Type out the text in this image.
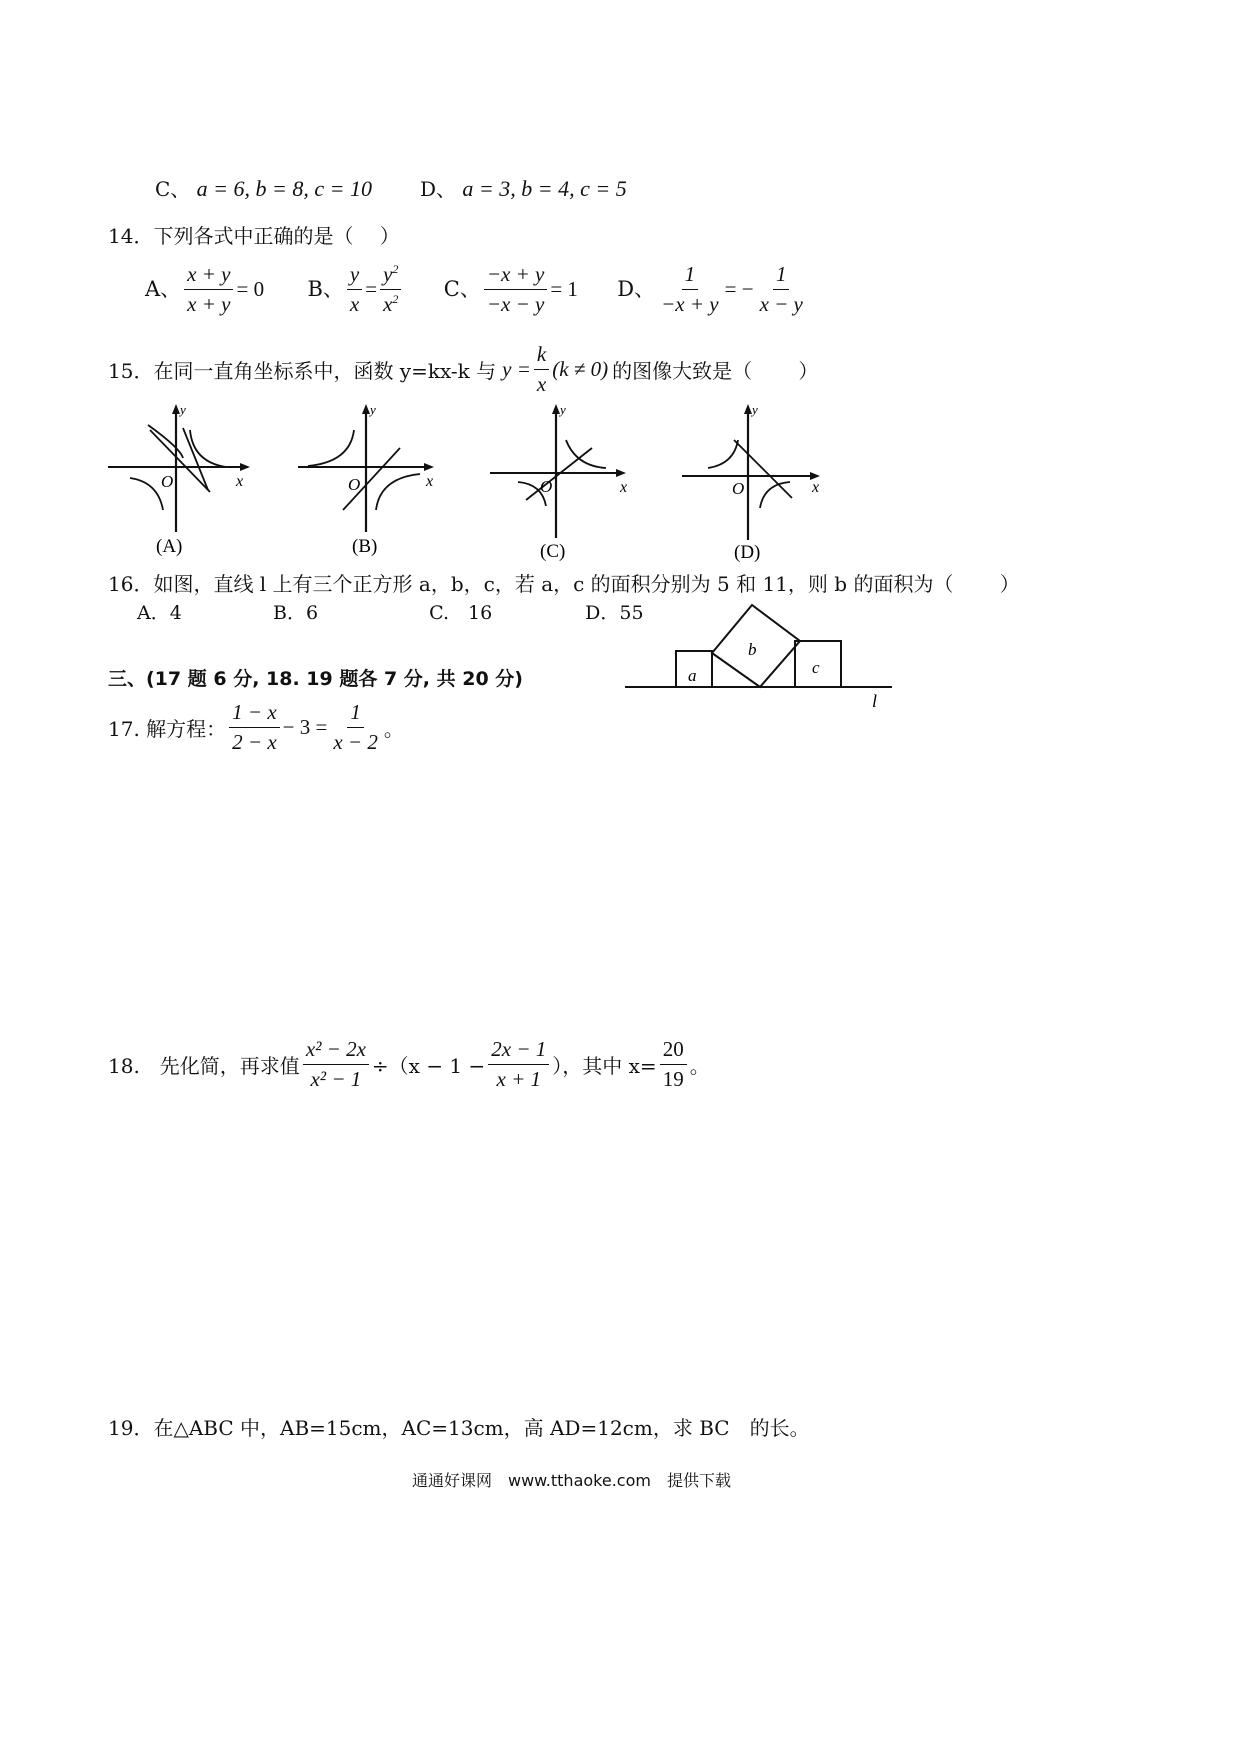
C、 a = 6, b = 8, c = 10 D、 a = 3, b = 4, c = 5
14．下列各式中正确的是（　 ）
A、 $\frac{x + y}{x + y} = 0$
B、 $\frac{y}{x} = \frac{y^2}{x^2}$
C、 $\frac{-x + y}{-x - y} = 1$
D、 $\frac{1}{-x + y}$ = − $\frac{1}{x - y}$
15．在同一直角坐标系中，函数 y=kx-k 与 $y = \frac{k}{x} (k \ne 0)$ 的图像大致是（　　 ）
y
x
O
(A)
y
x
O
(B)
y
x
O
(C)
y
x
O
(D)
16．如图，直线 l 上有三个正方形 a，b，c，若 a，c 的面积分别为 5 和 11，则 b 的面积为（　　 ）
A．4	B．6	C.　16	D．55
a
b
c
l
三、(17 题 6 分, 18. 19 题各 7 分, 共 20 分)
17. 解方程： $\frac{1 - x}{2 - x} - 3 = \frac{1}{x - 2}$ 。
18.　先化简，再求值 $\frac{\text{x² − 2x}}{\text{x² − 1}} \div(x - 1 - \frac{2x - 1}{x + 1}$ ），其中 $x= \frac{20}{19}$ 。
19．在△ABC 中，AB=15cm，AC=13cm，高 AD=12cm，求 BC　的长。
通通好课网　www.tthaoke.com　提供下载
